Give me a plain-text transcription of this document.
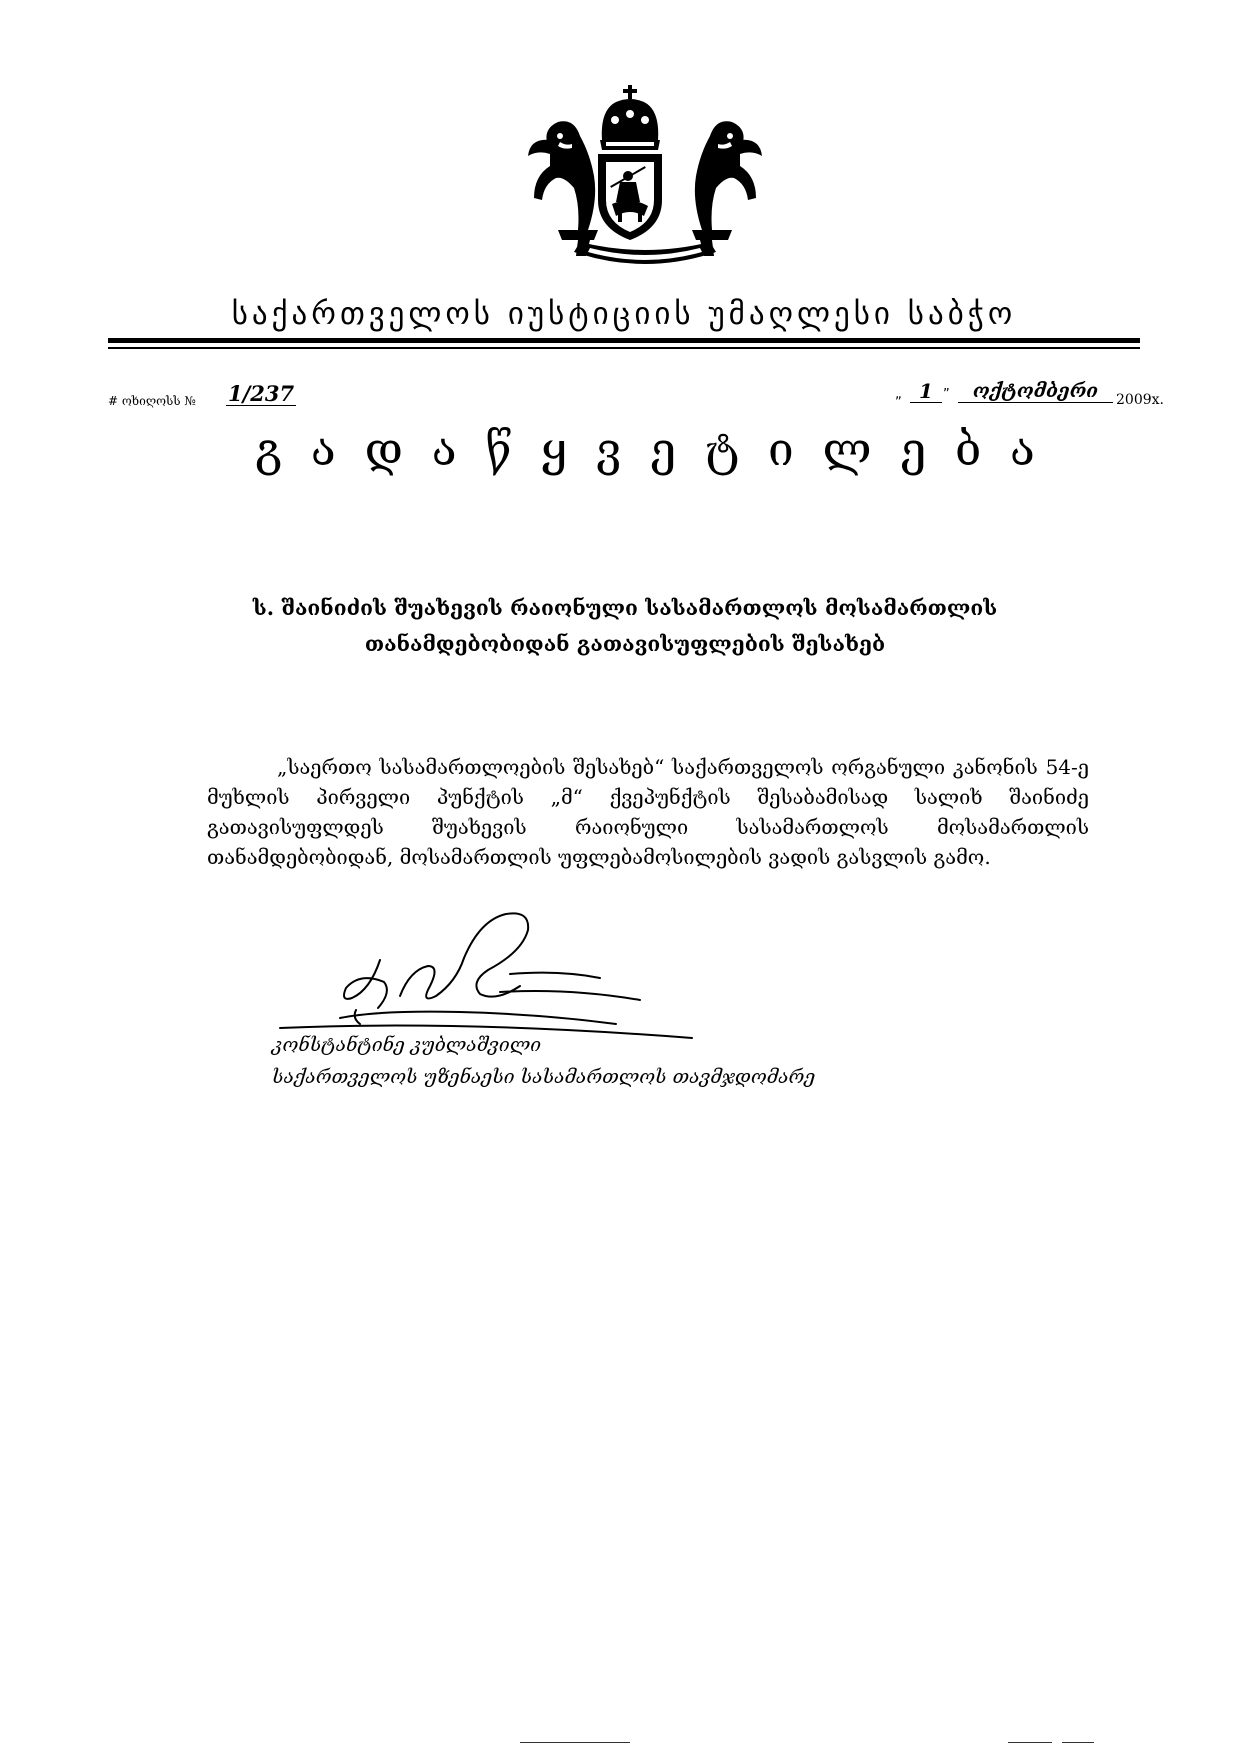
საქართველოს იუსტიციის უმაღლესი საბჭო
# ოხიღოსს № 1/237	„ 1 ”	ოქტომბერი	2009х.
გ ა დ ა წ ყ ვ ე ტ ი ლ ე ბ ა
ს. შაინიძის შუახევის რაიონული სასამართლოს მოსამართლის
თანამდებობიდან გათავისუფლების შესახებ
„საერთო სასამართლოების შესახებ“ საქართველოს ორგანული კანონის 54-ე მუხლის პირველი პუნქტის „მ“ ქვეპუნქტის შესაბამისად სალიხ შაინიძე გათავისუფლდეს შუახევის რაიონული სასამართლოს მოსამართლის თანამდებობიდან, მოსამართლის უფლებამოსილების ვადის გასვლის გამო.
კონსტანტინე კუბლაშვილი
საქართველოს უზენაესი სასამართლოს თავმჯდომარე
